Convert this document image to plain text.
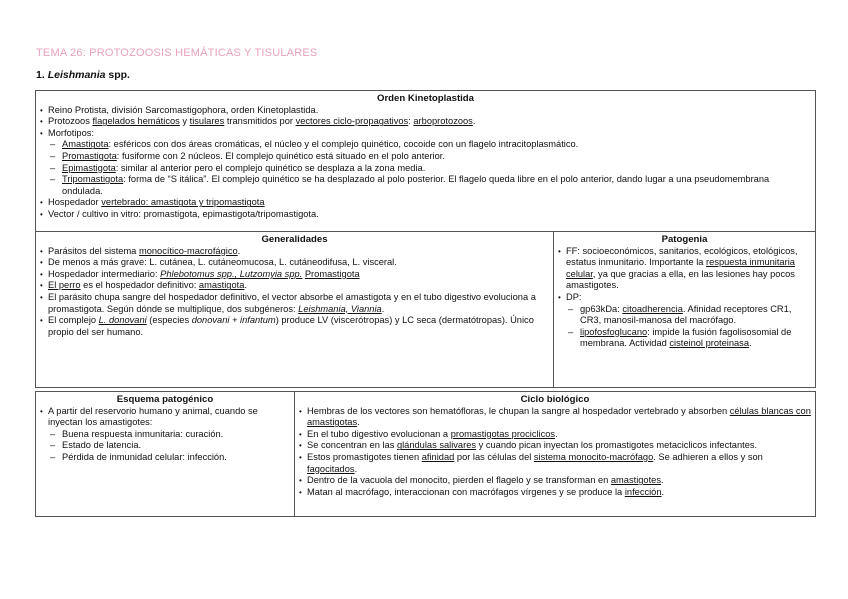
TEMA 26: PROTOZOOSIS HEMÁTICAS Y TISULARES
1. Leishmania spp.
Orden Kinetoplastida
• Reino Protista, división Sarcomastigophora, orden Kinetoplastida.
• Protozoos flagelados hemáticos y tisulares transmitidos por vectores ciclo-propagativos: arboprotozoos.
• Morfotipos:
– Amastigota: esféricos con dos áreas cromáticas, el núcleo y el complejo quinético, cocoide con un flagelo intracitoplasmático.
– Promastigota: fusiforme con 2 núcleos. El complejo quinético está situado en el polo anterior.
– Epimastigota: similar al anterior pero el complejo quinético se desplaza a la zona media.
– Tripomastigota: forma de “S itálica”. El complejo quinético se ha desplazado al polo posterior. El flagelo queda libre en el polo anterior, dando lugar a una pseudomembrana ondulada.
• Hospedador vertebrado: amastigota y tripomastigota
• Vector / cultivo in vitro: promastigota, epimastigota/tripomastigota.
Generalidades
• Parásitos del sistema monocítico-macrofágico.
• De menos a más grave: L. cutánea, L. cutáneomucosa, L. cutáneodifusa, L. visceral.
• Hospedador intermediario: Phlebotomus spp., Lutzomyia spp. Promastigota
• El perro es el hospedador definitivo: amastigota.
• El parásito chupa sangre del hospedador definitivo, el vector absorbe el amastigota y en el tubo digestivo evoluciona a promastigota. Según dónde se multiplique, dos subgéneros: Leishmania, Viannia.
• El complejo L. donovani (especies donovani + infantum) produce LV (viscerótropas) y LC seca (dermatótropas). Único propio del ser humano.
Patogenia
• FF: socioeconómicos, sanitarios, ecológicos, etológicos, estatus inmunitario. Importante la respuesta inmunitaria celular, ya que gracias a ella, en las lesiones hay pocos amastigotes.
• DP:
– gp63kDa: citoadherencia. Afinidad receptores CR1, CR3, manosil-manosa del macrófago.
– lipofosfoglucano: impide la fusión fagolisosomial de membrana. Actividad cisteinol proteinasa.
Esquema patogénico
• A partir del reservorio humano y animal, cuando se inyectan los amastigotes:
– Buena respuesta inmunitaria: curación.
– Estado de latencia.
– Pérdida de inmunidad celular: infección.
Ciclo biológico
• Hembras de los vectores son hematófloras, le chupan la sangre al hospedador vertebrado y absorben células blancas con amastigotas.
• En el tubo digestivo evolucionan a promastigotas prociclicos.
• Se concentran en las glándulas salivares y cuando pican inyectan los promastigotes metaciclicos infectantes.
• Estos promastigotes tienen afinidad por las células del sistema monocito-macrófago. Se adhieren a ellos y son fagocitados.
• Dentro de la vacuola del monocito, pierden el flagelo y se transforman en amastigotes.
• Matan al macrófago, interaccionan con macrófagos vírgenes y se produce la infección.
